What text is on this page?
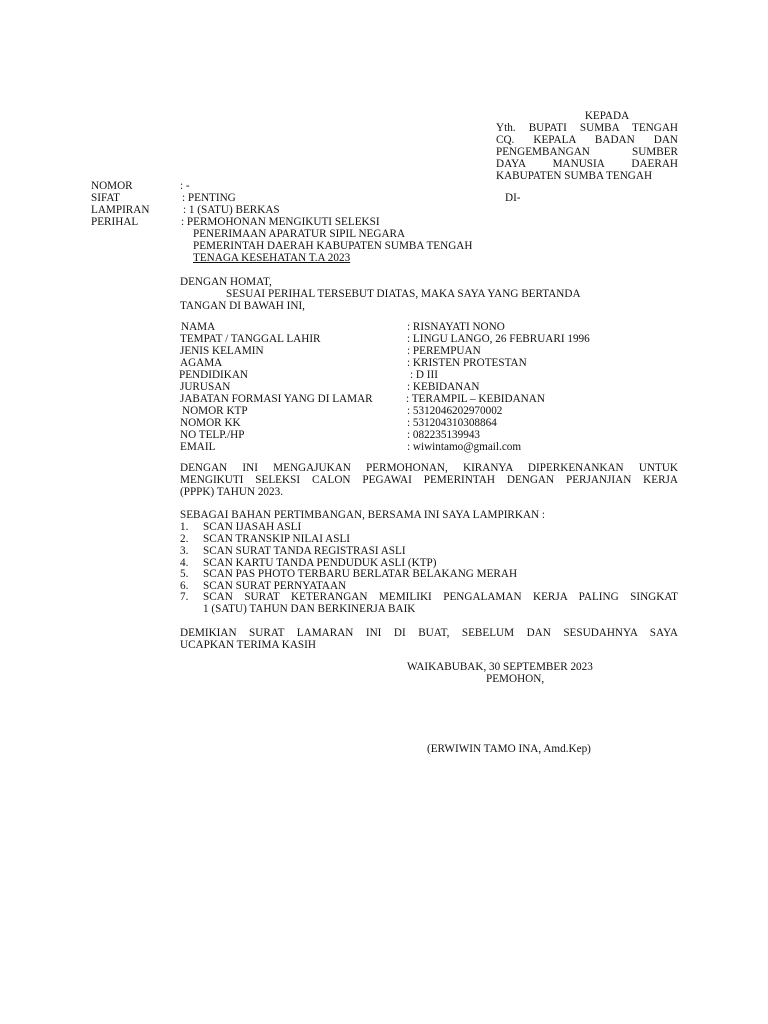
KEPADA
Yth. BUPATI SUMBA TENGAH
CQ. KEPALA BADAN DAN
PENGEMBANGAN SUMBER
DAYA MANUSIA DAERAH
KABUPATEN SUMBA TENGAH
NOMOR	: -
SIFAT	: PENTING	DI-
LAMPIRAN	: 1 (SATU) BERKAS
PERIHAL	: PERMOHONAN MENGIKUTI SELEKSI
PENERIMAAN APARATUR SIPIL NEGARA
PEMERINTAH DAERAH KABUPATEN SUMBA TENGAH
TENAGA KESEHATAN T.A 2023
DENGAN HOMAT,
SESUAI PERIHAL TERSEBUT DIATAS, MAKA SAYA YANG BERTANDA
TANGAN DI BAWAH INI,
NAMA	: RISNAYATI NONO
TEMPAT / TANGGAL LAHIR	: LINGU LANGO, 26 FEBRUARI 1996
JENIS KELAMIN	: PEREMPUAN
AGAMA	: KRISTEN PROTESTAN
PENDIDIKAN	: D III
JURUSAN	: KEBIDANAN
JABATAN FORMASI YANG DI LAMAR	: TERAMPIL – KEBIDANAN
NOMOR KTP	: 5312046202970002
NOMOR KK	: 531204310308864
NO TELP./HP	: 082235139943
EMAIL	: wiwintamo@gmail.com
DENGAN INI MENGAJUKAN PERMOHONAN, KIRANYA DIPERKENANKAN UNTUK
MENGIKUTI SELEKSI CALON PEGAWAI PEMERINTAH DENGAN PERJANJIAN KERJA
(PPPK) TAHUN 2023.
SEBAGAI BAHAN PERTIMBANGAN, BERSAMA INI SAYA LAMPIRKAN :
1. SCAN IJASAH ASLI
2. SCAN TRANSKIP NILAI ASLI
3. SCAN SURAT TANDA REGISTRASI ASLI
4. SCAN KARTU TANDA PENDUDUK ASLI (KTP)
5. SCAN PAS PHOTO TERBARU BERLATAR BELAKANG MERAH
6. SCAN SURAT PERNYATAAN
7. SCAN SURAT KETERANGAN MEMILIKI PENGALAMAN KERJA PALING SINGKAT
1 (SATU) TAHUN DAN BERKINERJA BAIK
DEMIKIAN SURAT LAMARAN INI DI BUAT, SEBELUM DAN SESUDAHNYA SAYA
UCAPKAN TERIMA KASIH
WAIKABUBAK, 30 SEPTEMBER 2023
PEMOHON,
(ERWIWIN TAMO INA, Amd.Kep)
